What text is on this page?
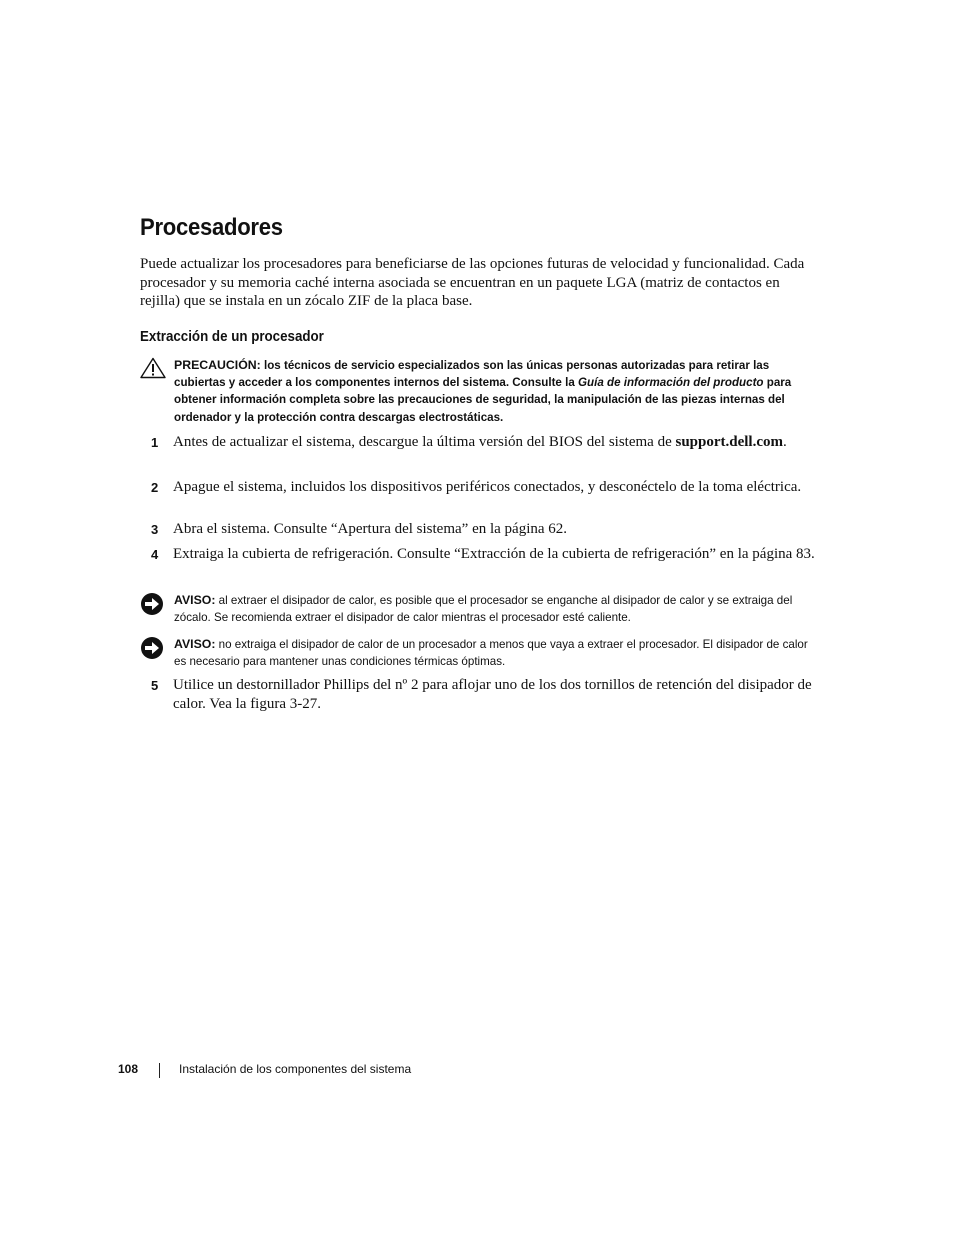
Procesadores

Puede actualizar los procesadores para beneficiarse de las opciones futuras de velocidad y funcionalidad. Cada procesador y su memoria caché interna asociada se encuentran en un paquete LGA (matriz de contactos en rejilla) que se instala en un zócalo ZIF de la placa base.

Extracción de un procesador
PRECAUCIÓN: los técnicos de servicio especializados son las únicas personas autorizadas para retirar las cubiertas y acceder a los componentes internos del sistema. Consulte la Guía de información del producto para obtener información completa sobre las precauciones de seguridad, la manipulación de las piezas internas del ordenador y la protección contra descargas electrostáticas.
1 Antes de actualizar el sistema, descargue la última versión del BIOS del sistema de support.dell.com.
2 Apague el sistema, incluidos los dispositivos periféricos conectados, y desconéctelo de la toma eléctrica.
3 Abra el sistema. Consulte “Apertura del sistema” en la página 62.
4 Extraiga la cubierta de refrigeración. Consulte “Extracción de la cubierta de refrigeración” en la página 83.
AVISO: al extraer el disipador de calor, es posible que el procesador se enganche al disipador de calor y se extraiga del zócalo. Se recomienda extraer el disipador de calor mientras el procesador esté caliente.
AVISO: no extraiga el disipador de calor de un procesador a menos que vaya a extraer el procesador. El disipador de calor es necesario para mantener unas condiciones térmicas óptimas.
5 Utilice un destornillador Phillips del nº 2 para aflojar uno de los dos tornillos de retención del disipador de calor. Vea la figura 3-27.
108	Instalación de los componentes del sistema
